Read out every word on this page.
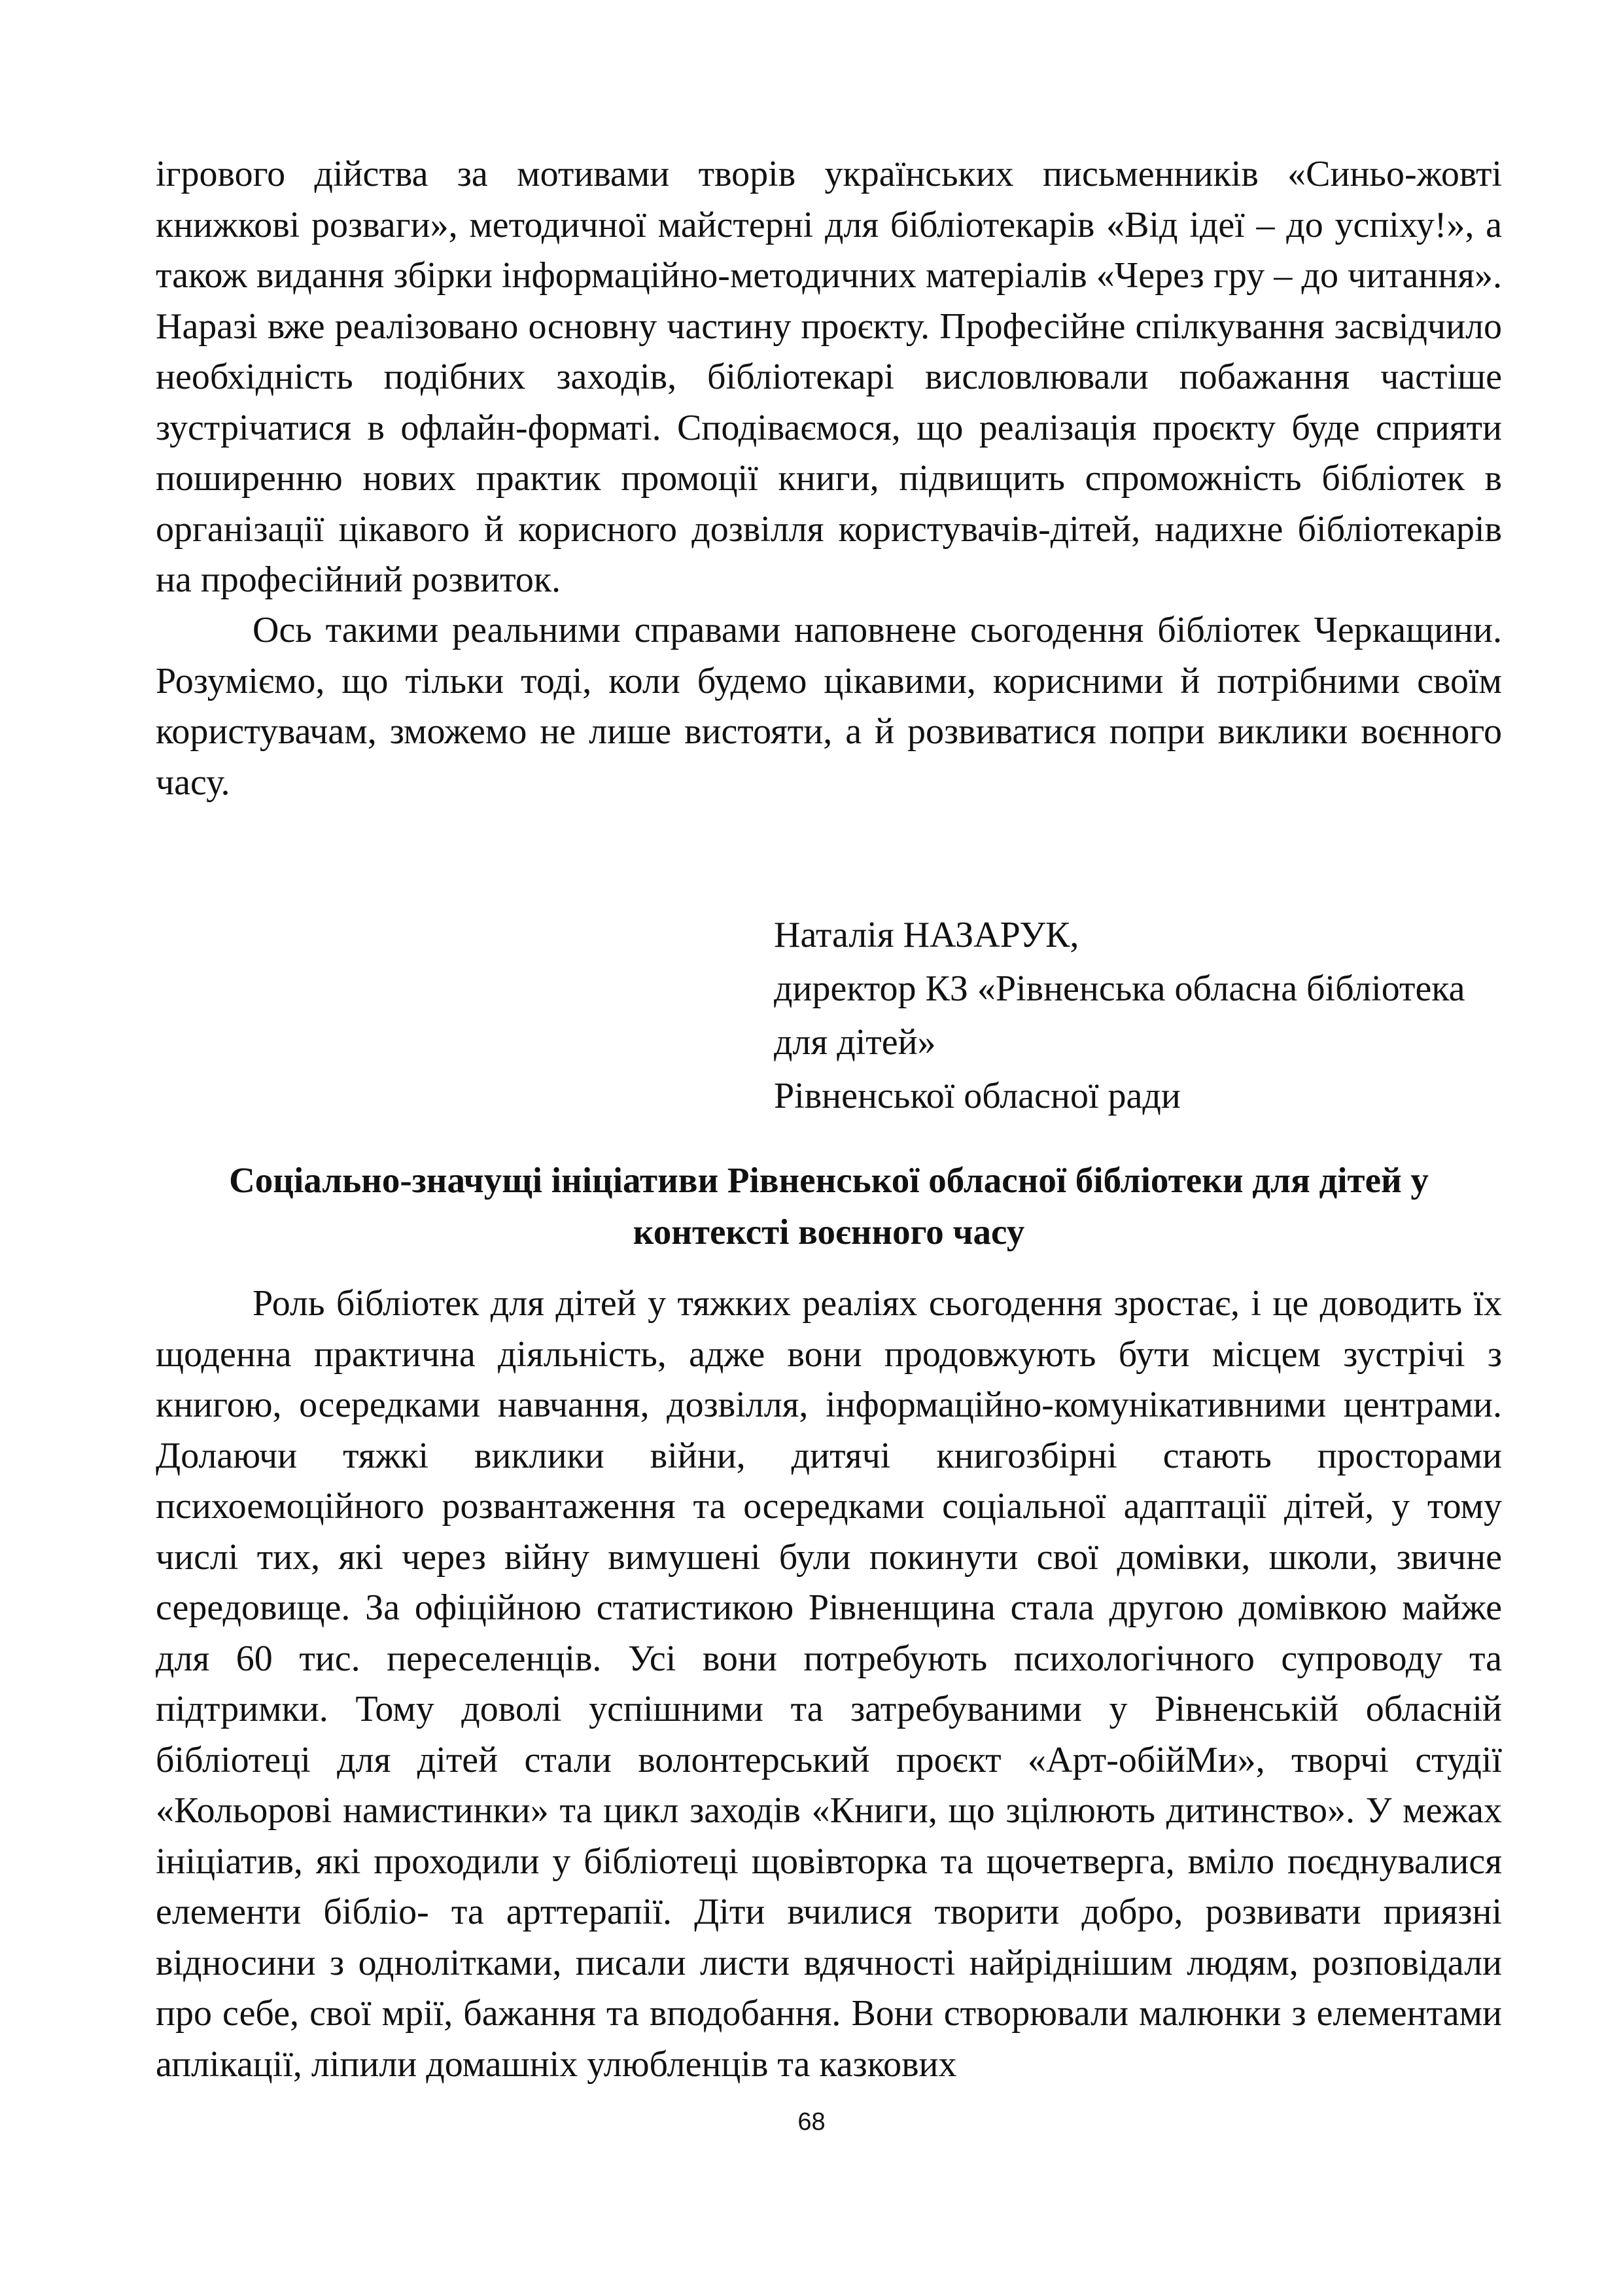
ігрового дійства за мотивами творів українських письменників «Синьо-жовті книжкові розваги», методичної майстерні для бібліотекарів «Від ідеї – до успіху!», а також видання збірки інформаційно-методичних матеріалів «Через гру – до читання». Наразі вже реалізовано основну частину проєкту. Професійне спілкування засвідчило необхідність подібних заходів, бібліотекарі висловлювали побажання частіше зустрічатися в офлайн-форматі. Сподіваємося, що реалізація проєкту буде сприяти поширенню нових практик промоції книги, підвищить спроможність бібліотек в організації цікавого й корисного дозвілля користувачів-дітей, надихне бібліотекарів на професійний розвиток.

Ось такими реальними справами наповнене сьогодення бібліотек Черкащини. Розуміємо, що тільки тоді, коли будемо цікавими, корисними й потрібними своїм користувачам, зможемо не лише вистояти, а й розвиватися попри виклики воєнного часу.

Наталія НАЗАРУК,
директор КЗ «Рівненська обласна бібліотека
для дітей»
Рівненської обласної ради
Соціально-значущі ініціативи Рівненської обласної бібліотеки для дітей у
контексті воєнного часу

Роль бібліотек для дітей у тяжких реаліях сьогодення зростає, і це доводить їх щоденна практична діяльність, адже вони продовжують бути місцем зустрічі з книгою, осередками навчання, дозвілля, інформаційно-комунікативними центрами. Долаючи тяжкі виклики війни, дитячі книгозбірні стають просторами психоемоційного розвантаження та осередками соціальної адаптації дітей, у тому числі тих, які через війну вимушені були покинути свої домівки, школи, звичне середовище. За офіційною статистикою Рівненщина стала другою домівкою майже для 60 тис. переселенців. Усі вони потребують психологічного супроводу та підтримки. Тому доволі успішними та затребуваними у Рівненській обласній бібліотеці для дітей стали волонтерський проєкт «Арт-обійМи», творчі студії «Кольорові намистинки» та цикл заходів «Книги, що зцілюють дитинство». У межах ініціатив, які проходили у бібліотеці щовівторка та щочетверга, вміло поєднувалися елементи бібліо- та арттерапії. Діти вчилися творити добро, розвивати приязні відносини з однолітками, писали листи вдячності найріднішим людям, розповідали про себе, свої мрії, бажання та вподобання. Вони створювали малюнки з елементами аплікації, ліпили домашніх улюбленців та казкових

68
